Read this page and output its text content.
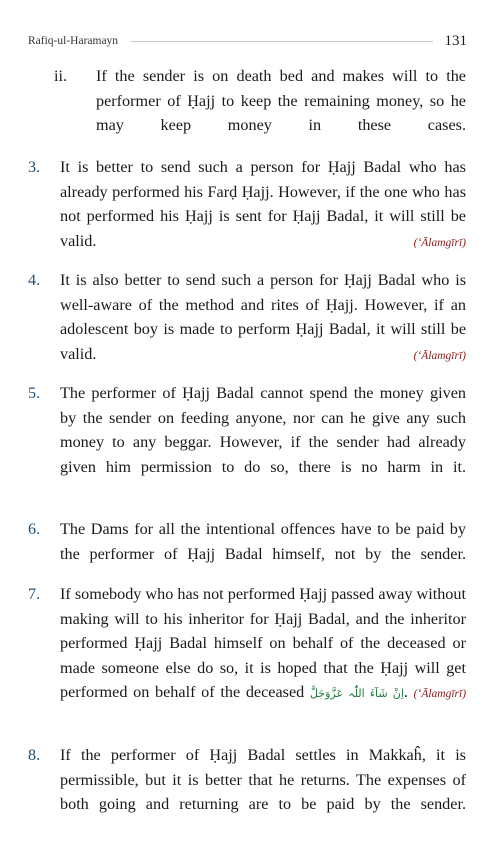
Rafiq-ul-Haramayn	131
ii. If the sender is on death bed and makes will to the performer of Ḥajj to keep the remaining money, so he may keep money in these cases.
3. It is better to send such a person for Ḥajj Badal who has already performed his Farḍ Ḥajj. However, if the one who has not performed his Ḥajj is sent for Ḥajj Badal, it will still be valid.	(‘Ālamgīrī)
4. It is also better to send such a person for Ḥajj Badal who is well-aware of the method and rites of Ḥajj. However, if an adolescent boy is made to perform Ḥajj Badal, it will still be valid.	(‘Ālamgīrī)
5. The performer of Ḥajj Badal cannot spend the money given by the sender on feeding anyone, nor can he give any such money to any beggar. However, if the sender had already given him permission to do so, there is no harm in it.
6. The Dams for all the intentional offences have to be paid by the performer of Ḥajj Badal himself, not by the sender.
7. If somebody who has not performed Ḥajj passed away without making will to his inheritor for Ḥajj Badal, and the inheritor performed Ḥajj Badal himself on behalf of the deceased or made someone else do so, it is hoped that the Ḥajj will get performed on behalf of the deceased اِنْ شَآءَ اللّٰہ عَزَّوَجَلَّ. (‘Ālamgīrī)
8. If the performer of Ḥajj Badal settles in Makkaĥ, it is permissible, but it is better that he returns. The expenses of both going and returning are to be paid by the sender.
